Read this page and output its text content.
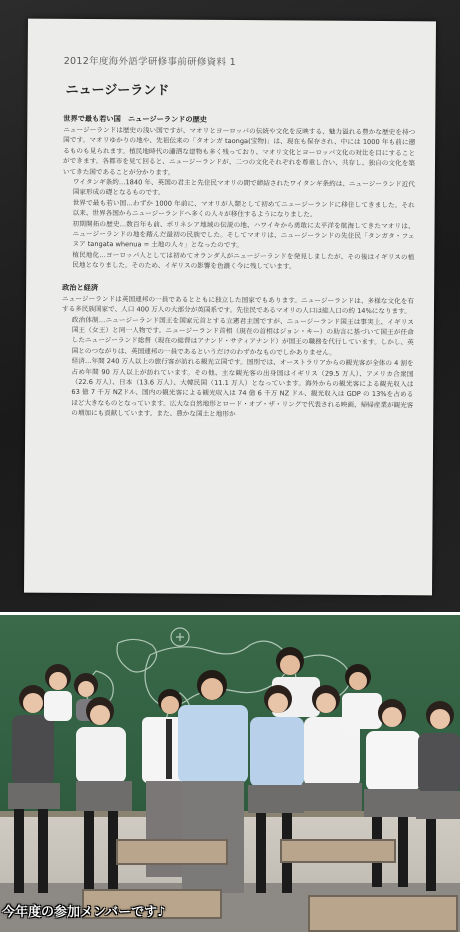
2012年度海外語学研修事前研修資料 1
ニュージーランド
世界で最も若い国　ニュージーランドの歴史

ニュージーランドは歴史の浅い国ですが、マオリとヨーロッパの伝統や文化を反映する、魅力溢れる豊かな歴史を持つ国です。マオリゆかりの地や、先祖伝来の「タオンガ taonga(宝物)」は、現在も保存され、中には 1000 年も前に遡るものも見られます。植民地時代の瀟洒な建物も多く残っており、マオリ文化とヨーロッパ文化の対比を目にすることができます。各都市を見て回ると、ニュージーランドが、二つの文化それぞれを尊重し合い、共存し、独自の文化を築いてきた国であることが分かります。

ワイタンギ条約…1840 年、英国の君主と先住民マオリの間で締結されたワイタンギ条約は、ニュージーランド近代国家形成の礎となるものです。

世界で最も若い国…わずか 1000 年前に、マオリが人類として初めてニュージーランドに移住してきました。それ以来、世界各国からニュージーランドへ多くの人々が移住するようになりました。

初期開拓の歴史…数百年も前、ポリネシア地域の伝説の地、ハワイキから勇敢に太平洋を航海してきたマオリは、ニュージーランドの地を踏んだ最初の民族でした。そしてマオリは、ニュージーランドの先住民「タンガタ・フェヌア tangata whenua = 土地の人々」となったのです。

植民地化…ヨーロッパ人としては初めてオランダ人がニュージーランドを発見しましたが、その後はイギリスの植民地となりました。そのため、イギリスの影響を色濃く今に残しています。

政治と経済

ニュージーランドは英国連邦の一員であるとともに独立した国家でもあります。ニュージーランドは、多様な文化を有する多民族国家で、人口 400 万人の大部分が英国系です。先住民であるマオリの人口は総人口の約 14%になります。

政治体制…ニュージーランド国王を国家元首とする立憲君主国ですが、ニュージーランド国王は事実上、イギリス国王（女王）と同一人物です。ニュージーランド首相（現在の首相はジョン・キー）の助言に基づいて国王が任命したニュージーランド総督（現在の総督はアナンド・サティアナンド）が国王の職務を代行しています。しかし、英国とのつながりは、英国連邦の一員であるというだけのわずかなものでしかありません。

経済…年間 240 万人以上の旅行客が訪れる観光立国です。国別では、オーストラリアからの観光客が全体の 4 割を占め年間 90 万人以上が訪れています。その他、主な観光客の出身国はイギリス（29.5 万人）、アメリカ合衆国（22.6 万人）、日本（13.6 万人）、大韓民国（11.1 万人）となっています。海外からの観光客による観光収入は 63 億 7 千万 NZドル、国内の観光客による観光収入は 74 億 6 千万 NZ ドル、観光収入は GDP の 13%を占めるほど大きなものとなっています。広大な自然地形とロード・オブ・ザ・リングで代表される映画、帰帰産業が観光客の増加にも貢献しています。また、豊かな国土と地形か

今年度の参加メンバーです♪
